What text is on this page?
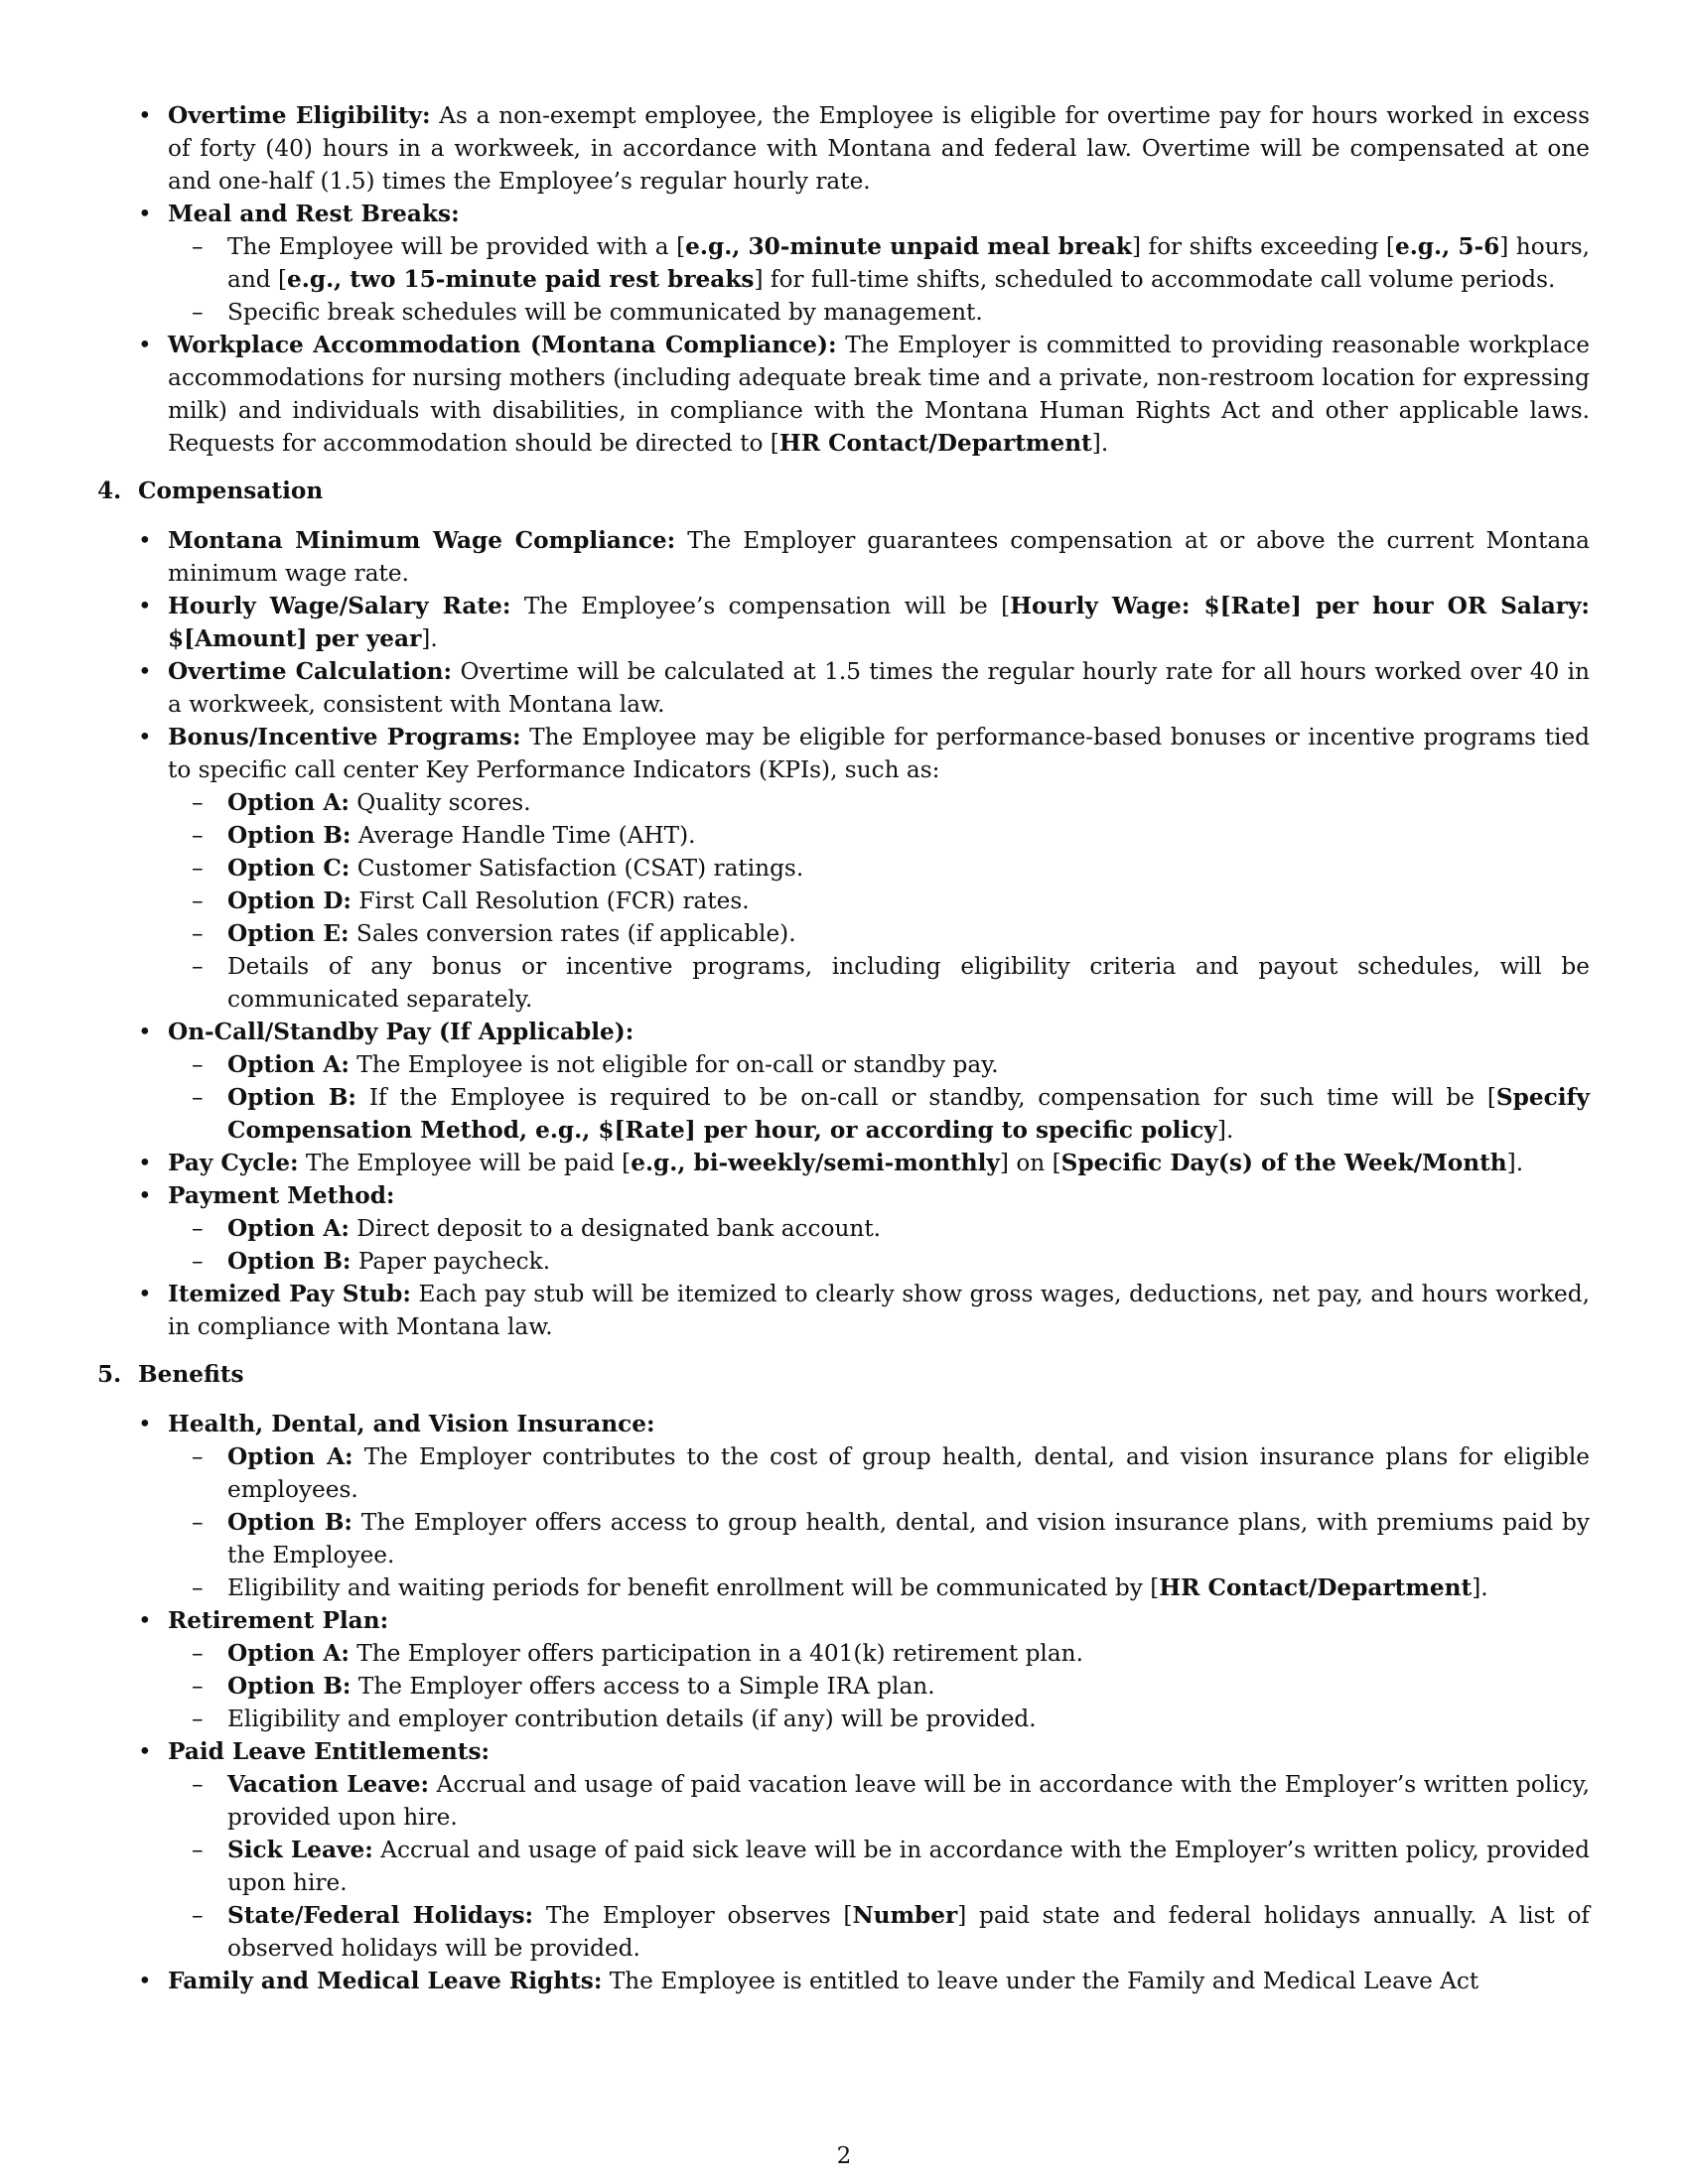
• Overtime Eligibility: As a non-exempt employee, the Employee is eligible for overtime pay for hours worked in excess of forty (40) hours in a workweek, in accordance with Montana and federal law. Overtime will be compensated at one and one-half (1.5) times the Employee’s regular hourly rate.
• Meal and Rest Breaks:
– The Employee will be provided with a [e.g., 30-minute unpaid meal break] for shifts exceeding [e.g., 5-6] hours, and [e.g., two 15-minute paid rest breaks] for full-time shifts, scheduled to accommodate call volume periods.
– Specific break schedules will be communicated by management.
• Workplace Accommodation (Montana Compliance): The Employer is committed to providing reasonable workplace accommodations for nursing mothers (including adequate break time and a private, non-restroom location for expressing milk) and individuals with disabilities, in compliance with the Montana Human Rights Act and other applicable laws. Requests for accommodation should be directed to [HR Contact/Department].
4. Compensation
• Montana Minimum Wage Compliance: The Employer guarantees compensation at or above the current Montana minimum wage rate.
• Hourly Wage/Salary Rate: The Employee’s compensation will be [Hourly Wage: $[Rate] per hour OR Salary: $[Amount] per year].
• Overtime Calculation: Overtime will be calculated at 1.5 times the regular hourly rate for all hours worked over 40 in a workweek, consistent with Montana law.
• Bonus/Incentive Programs: The Employee may be eligible for performance-based bonuses or incentive programs tied to specific call center Key Performance Indicators (KPIs), such as:
– Option A: Quality scores.
– Option B: Average Handle Time (AHT).
– Option C: Customer Satisfaction (CSAT) ratings.
– Option D: First Call Resolution (FCR) rates.
– Option E: Sales conversion rates (if applicable).
– Details of any bonus or incentive programs, including eligibility criteria and payout schedules, will be communicated separately.
• On-Call/Standby Pay (If Applicable):
– Option A: The Employee is not eligible for on-call or standby pay.
– Option B: If the Employee is required to be on-call or standby, compensation for such time will be [Specify Compensation Method, e.g., $[Rate] per hour, or according to specific policy].
• Pay Cycle: The Employee will be paid [e.g., bi-weekly/semi-monthly] on [Specific Day(s) of the Week/Month].
• Payment Method:
– Option A: Direct deposit to a designated bank account.
– Option B: Paper paycheck.
• Itemized Pay Stub: Each pay stub will be itemized to clearly show gross wages, deductions, net pay, and hours worked, in compliance with Montana law.
5. Benefits
• Health, Dental, and Vision Insurance:
– Option A: The Employer contributes to the cost of group health, dental, and vision insurance plans for eligible employees.
– Option B: The Employer offers access to group health, dental, and vision insurance plans, with premiums paid by the Employee.
– Eligibility and waiting periods for benefit enrollment will be communicated by [HR Contact/Department].
• Retirement Plan:
– Option A: The Employer offers participation in a 401(k) retirement plan.
– Option B: The Employer offers access to a Simple IRA plan.
– Eligibility and employer contribution details (if any) will be provided.
• Paid Leave Entitlements:
– Vacation Leave: Accrual and usage of paid vacation leave will be in accordance with the Employer’s written policy, provided upon hire.
– Sick Leave: Accrual and usage of paid sick leave will be in accordance with the Employer’s written policy, provided upon hire.
– State/Federal Holidays: The Employer observes [Number] paid state and federal holidays annually. A list of observed holidays will be provided.
• Family and Medical Leave Rights: The Employee is entitled to leave under the Family and Medical Leave Act
2
